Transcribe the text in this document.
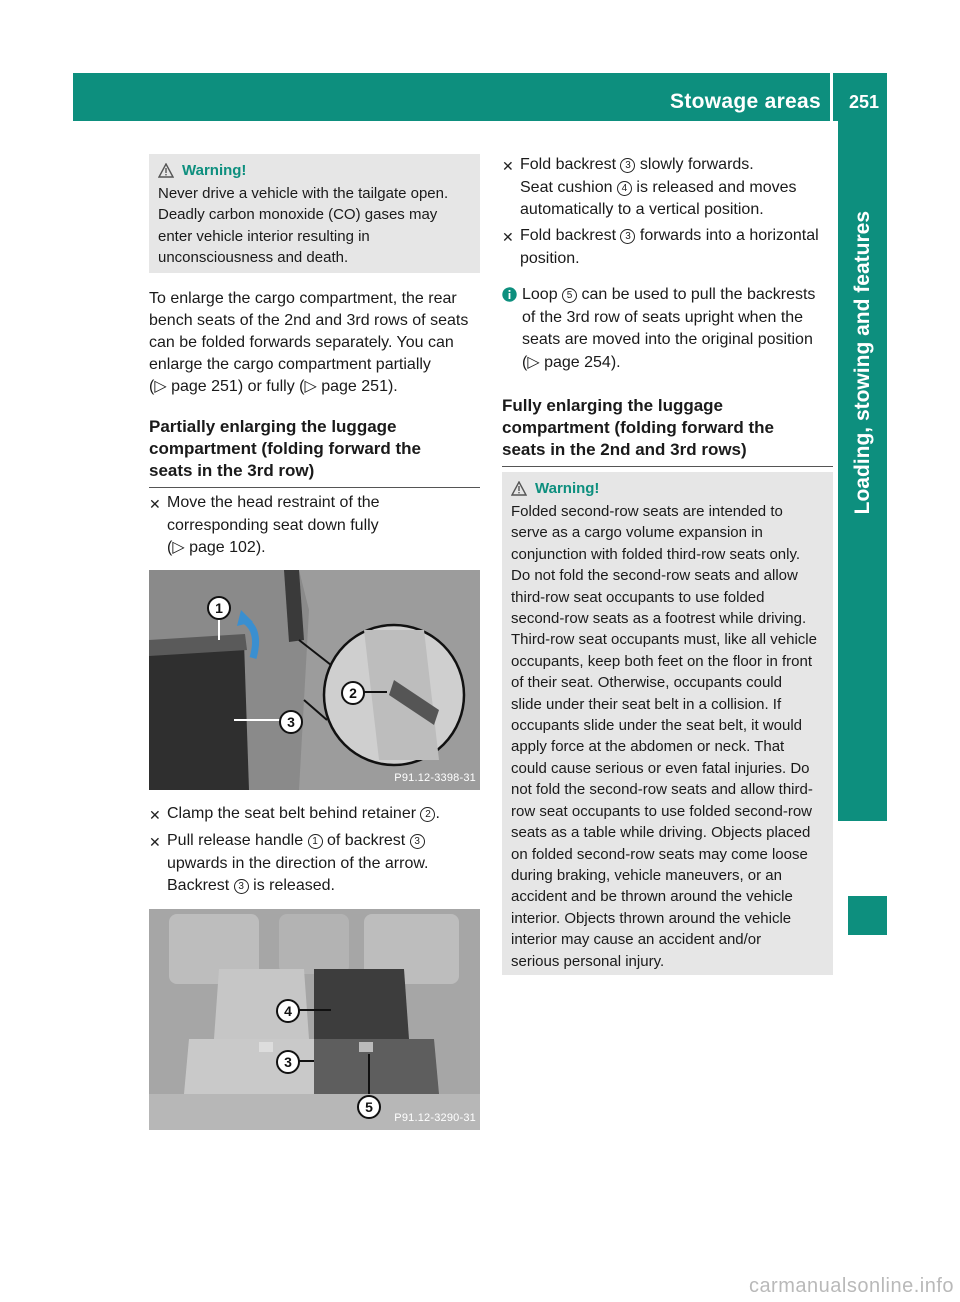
Stowage areas 251
Loading, stowing and features
Warning!

Never drive a vehicle with the tailgate open.

Deadly carbon monoxide (CO) gases may

enter vehicle interior resulting in

unconsciousness and death.

To enlarge the cargo compartment, the rear

bench seats of the 2nd and 3rd rows of seats

can be folded forwards separately. You can

enlarge the cargo compartment partially

(▷ page 251) or fully (▷ page 251).

Partially enlarging the luggage
compartment (folding forward the
seats in the 3rd row)
✕ Move the head restraint of the
corresponding seat down fully
(▷ page 102).
1
2
3
P91.12-3398-31
✕ Clamp the seat belt behind retainer 2 .
✕ Pull release handle 1 of backrest 3
upwards in the direction of the arrow.
Backrest 3 is released.
4
3
5
P91.12-3290-31
✕ Fold backrest 3 slowly forwards.
Seat cushion 4 is released and moves
automatically to a vertical position.
✕ Fold backrest 3 forwards into a horizontal
position.
Loop 5 can be used to pull the backrests
of the 3rd row of seats upright when the
seats are moved into the original position
(▷ page 254).
Fully enlarging the luggage
compartment (folding forward the
seats in the 2nd and 3rd rows)
Warning!

Folded second-row seats are intended to

serve as a cargo volume expansion in

conjunction with folded third-row seats only.

Do not fold the second-row seats and allow

third-row seat occupants to use folded

second-row seats as a footrest while driving.

Third-row seat occupants must, like all vehicle

occupants, keep both feet on the floor in front

of their seat. Otherwise, occupants could

slide under their seat belt in a collision. If

occupants slide under the seat belt, it would

apply force at the abdomen or neck. That

could cause serious or even fatal injuries. Do

not fold the second-row seats and allow third-

row seat occupants to use folded second-row

seats as a table while driving. Objects placed

on folded second-row seats may come loose

during braking, vehicle maneuvers, or an

accident and be thrown around the vehicle

interior. Objects thrown around the vehicle

interior may cause an accident and/or

serious personal injury.

carmanualsonline.info
